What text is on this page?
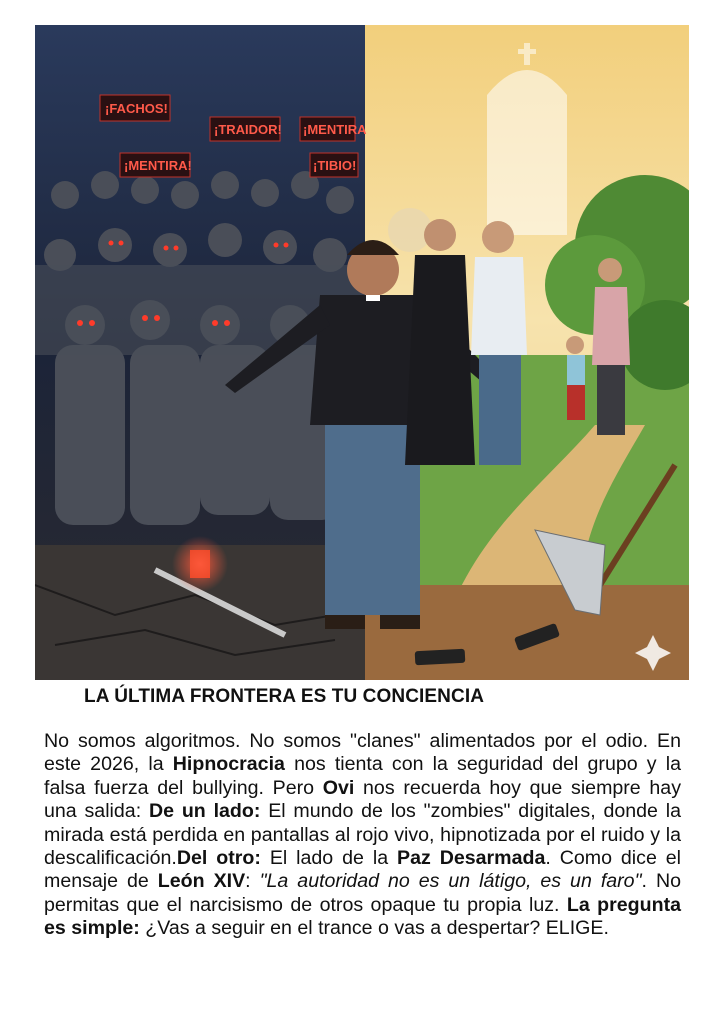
¡FACHOS!
¡TRAIDOR! ¡MENTIRA
¡MENTIRA!	¡TIBIO!
LA ÚLTIMA FRONTERA ES TU CONCIENCIA
No somos algoritmos. No somos "clanes" alimentados por el odio. En este 2026, la Hipnocracia nos tienta con la seguridad del grupo y la falsa fuerza del bullying. Pero Ovi nos recuerda hoy que siempre hay una salida: De un lado: El mundo de los "zombies" digitales, donde la mirada está perdida en pantallas al rojo vivo, hipnotizada por el ruido y la descalificación.Del otro: El lado de la Paz Desarmada. Como dice el mensaje de León XIV: "La autoridad no es un látigo, es un faro". No permitas que el narcisismo de otros opaque tu propia luz. La pregunta es simple: ¿Vas a seguir en el trance o vas a despertar? ELIGE.
